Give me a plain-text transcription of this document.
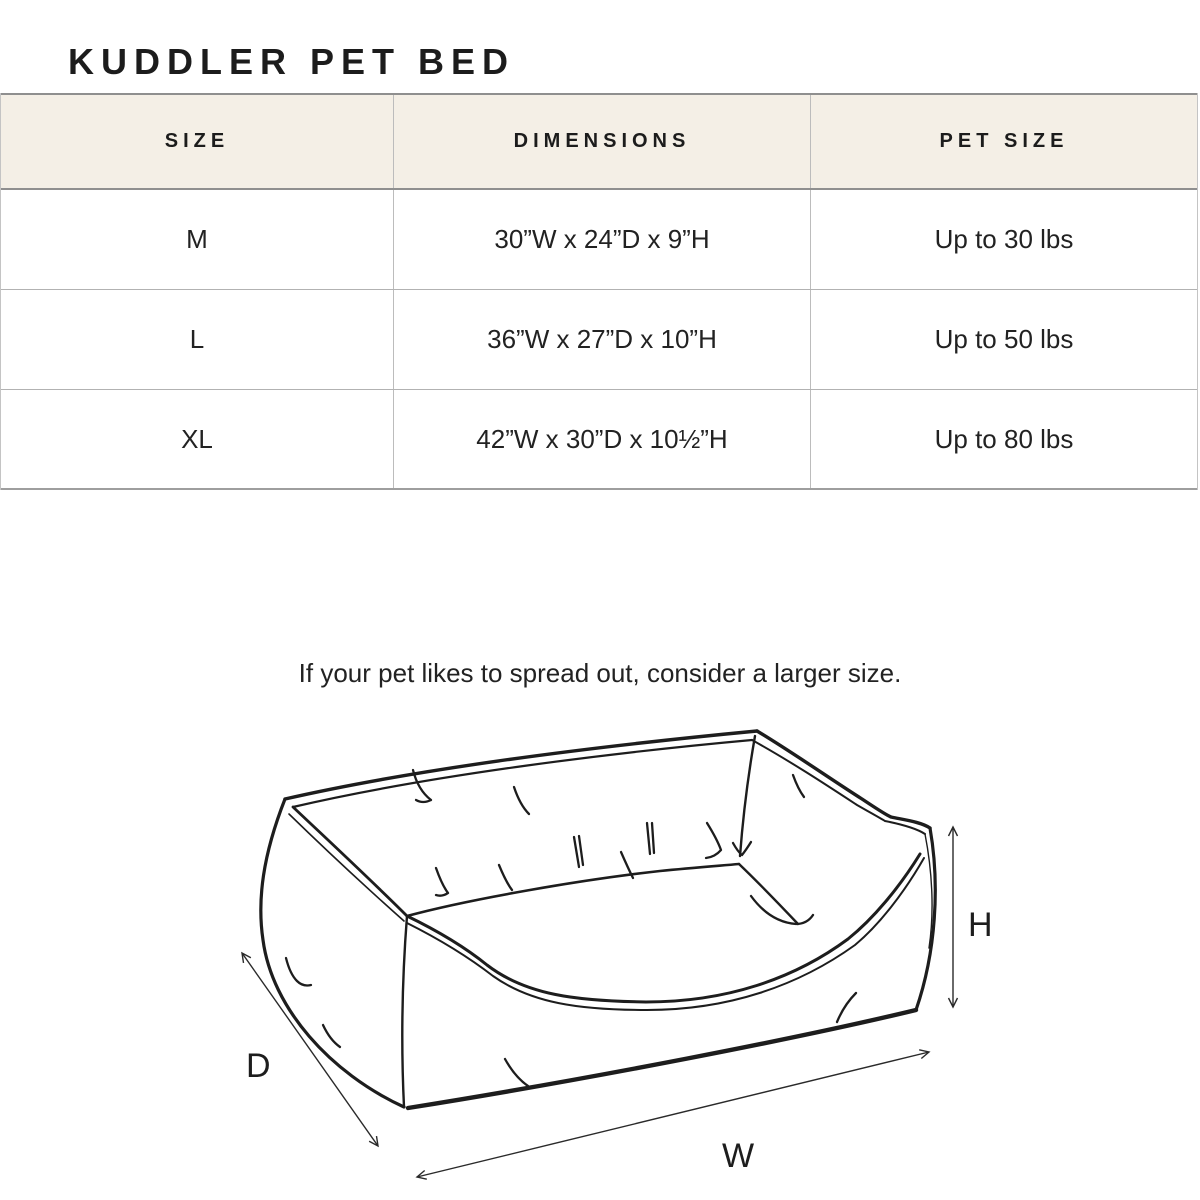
KUDDLER PET BED
SIZE	DIMENSIONS	PET SIZE
M	30”W x 24”D x 9”H	Up to 30 lbs
L	36”W x 27”D x 10”H	Up to 50 lbs
XL	42”W x 30”D x 10½”H	Up to 80 lbs

If your pet likes to spread out, consider a larger size.

H
D
W
